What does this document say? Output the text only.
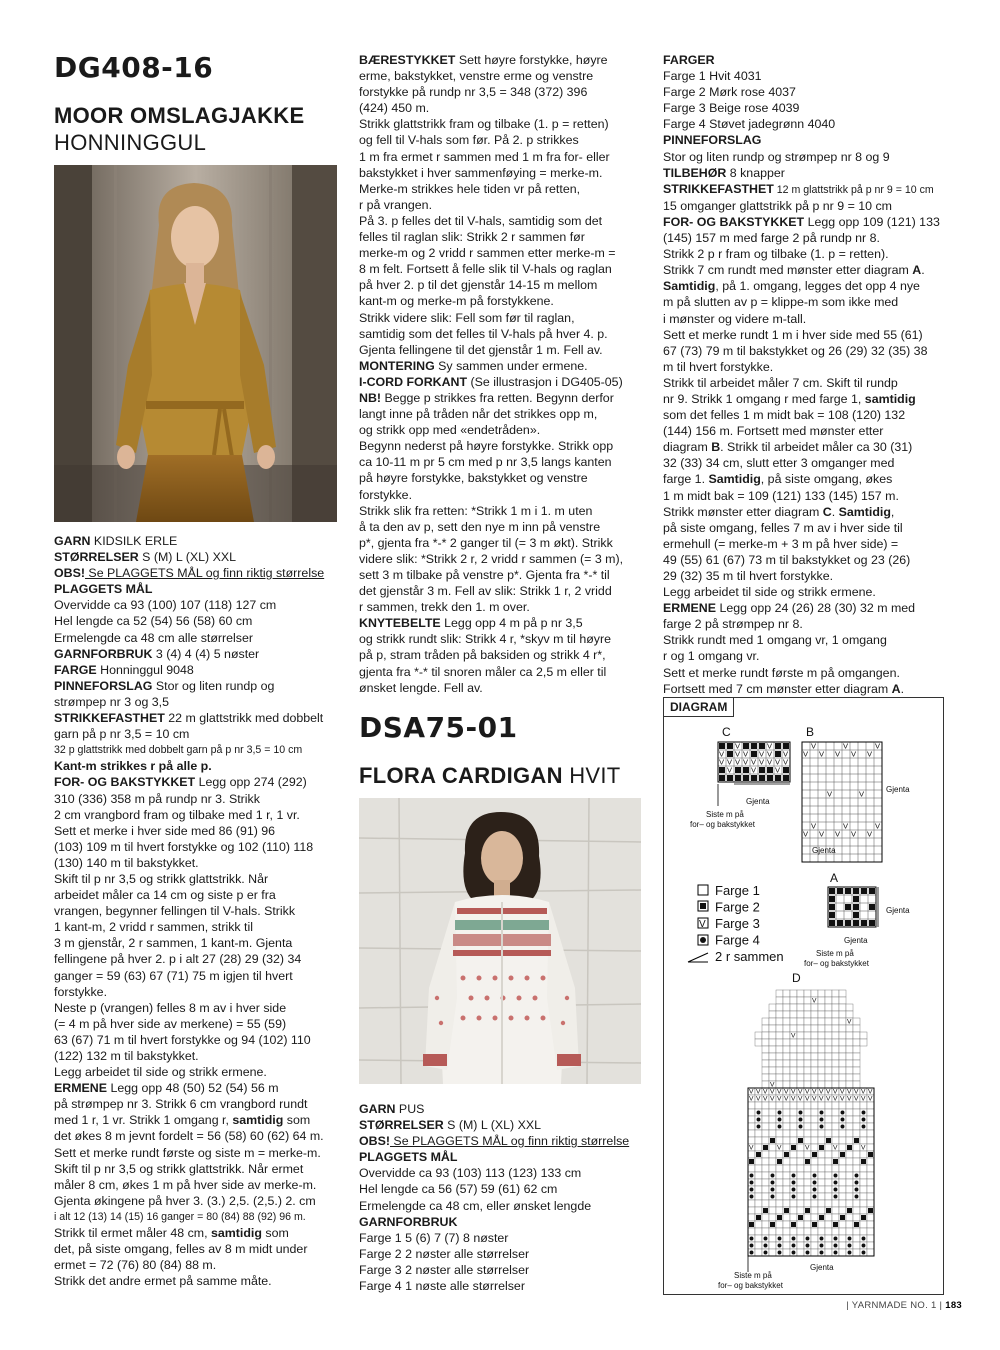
DG408-16
MOOR OMSLAGJAKKE
HONNINGGUL

GARN KIDSILK ERLE

STØRRELSER S (M) L (XL) XXL

OBS! Se PLAGGETS MÅL og finn riktig størrelse

PLAGGETS MÅL

Overvidde ca 93 (100) 107 (118) 127 cm

Hel lengde ca 52 (54) 56 (58) 60 cm

Ermelengde ca 48 cm alle størrelser

GARNFORBRUK 3 (4) 4 (4) 5 nøster

FARGE Honninggul 9048

PINNEFORSLAG Stor og liten rundp og

strømpep nr 3 og 3,5

STRIKKEFASTHET 22 m glattstrikk med dobbelt

garn på p nr 3,5 = 10 cm

32 p glattstrikk med dobbelt garn på p nr 3,5 = 10 cm

Kant-m strikkes r på alle p.

FOR- OG BAKSTYKKET Legg opp 274 (292)

310 (336) 358 m på rundp nr 3. Strikk

2 cm vrangbord fram og tilbake med 1 r, 1 vr.

Sett et merke i hver side med 86 (91) 96

(103) 109 m til hvert forstykke og 102 (110) 118

(130) 140 m til bakstykket.

Skift til p nr 3,5 og strikk glattstrikk. Når

arbeidet måler ca 14 cm og siste p er fra

vrangen, begynner fellingen til V-hals. Strikk

1 kant-m, 2 vridd r sammen, strikk til

3 m gjenstår, 2 r sammen, 1 kant-m. Gjenta

fellingene på hver 2. p i alt 27 (28) 29 (32) 34

ganger = 59 (63) 67 (71) 75 m igjen til hvert

forstykke.

Neste p (vrangen) felles 8 m av i hver side

(= 4 m på hver side av merkene) = 55 (59)

63 (67) 71 m til hvert forstykke og 94 (102) 110

(122) 132 m til bakstykket.

Legg arbeidet til side og strikk ermene.

ERMENE Legg opp 48 (50) 52 (54) 56 m

på strømpep nr 3. Strikk 6 cm vrangbord rundt

med 1 r, 1 vr. Strikk 1 omgang r, samtidig som

det økes 8 m jevnt fordelt = 56 (58) 60 (62) 64 m.

Sett et merke rundt første og siste m = merke-m.

Skift til p nr 3,5 og strikk glattstrikk. Når ermet

måler 8 cm, økes 1 m på hver side av merke-m.

Gjenta økingene på hver 3. (3.) 2,5. (2,5.) 2. cm

i alt 12 (13) 14 (15) 16 ganger = 80 (84) 88 (92) 96 m.

Strikk til ermet måler 48 cm, samtidig som

det, på siste omgang, felles av 8 m midt under

ermet = 72 (76) 80 (84) 88 m.

Strikk det andre ermet på samme måte.

BÆRESTYKKET Sett høyre forstykke, høyre

erme, bakstykket, venstre erme og venstre

forstykke på rundp nr 3,5 = 348 (372) 396

(424) 450 m.

Strikk glattstrikk fram og tilbake (1. p = retten)

og fell til V-hals som før. På 2. p strikkes

1 m fra ermet r sammen med 1 m fra for- eller

bakstykket i hver sammenføying = merke-m.

Merke-m strikkes hele tiden vr på retten,

r på vrangen.

På 3. p felles det til V-hals, samtidig som det

felles til raglan slik: Strikk 2 r sammen før

merke-m og 2 vridd r sammen etter merke-m =

8 m felt. Fortsett å felle slik til V-hals og raglan

på hver 2. p til det gjenstår 14-15 m mellom

kant-m og merke-m på forstykkene.

Strikk videre slik: Fell som før til raglan,

samtidig som det felles til V-hals på hver 4. p.

Gjenta fellingene til det gjenstår 1 m. Fell av.

MONTERING Sy sammen under ermene.

I-CORD FORKANT (Se illustrasjon i DG405-05)

NB! Begge p strikkes fra retten. Begynn derfor

langt inne på tråden når det strikkes opp m,

og strikk opp med «endetråden».

Begynn nederst på høyre forstykke. Strikk opp

ca 10-11 m pr 5 cm med p nr 3,5 langs kanten

på høyre forstykke, bakstykket og venstre

forstykke.

Strikk slik fra retten: *Strikk 1 m i 1. m uten

å ta den av p, sett den nye m inn på venstre

p*, gjenta fra *-* 2 ganger til (= 3 m økt). Strikk

videre slik: *Strikk 2 r, 2 vridd r sammen (= 3 m),

sett 3 m tilbake på venstre p*. Gjenta fra *-* til

det gjenstår 3 m. Fell av slik: Strikk 1 r, 2 vridd

r sammen, trekk den 1. m over.

KNYTEBELTE Legg opp 4 m på p nr 3,5

og strikk rundt slik: Strikk 4 r, *skyv m til høyre

på p, stram tråden på baksiden og strikk 4 r*,

gjenta fra *-* til snoren måler ca 2,5 m eller til

ønsket lengde. Fell av.

DSA75-01
FLORA CARDIGAN HVIT

GARN PUS

STØRRELSER S (M) L (XL) XXL

OBS! Se PLAGGETS MÅL og finn riktig størrelse

PLAGGETS MÅL

Overvidde ca 93 (103) 113 (123) 133 cm

Hel lengde ca 56 (57) 59 (61) 62 cm

Ermelengde ca 48 cm, eller ønsket lengde

GARNFORBRUK

Farge 1 5 (6) 7 (7) 8 nøster

Farge 2 2 nøster alle størrelser

Farge 3 2 nøster alle størrelser

Farge 4 1 nøste alle størrelser

FARGER

Farge 1 Hvit 4031

Farge 2 Mørk rose 4037

Farge 3 Beige rose 4039

Farge 4 Støvet jadegrønn 4040

PINNEFORSLAG

Stor og liten rundp og strømpep nr 8 og 9

TILBEHØR 8 knapper

STRIKKEFASTHET 12 m glattstrikk på p nr 9 = 10 cm

15 omganger glattstrikk på p nr 9 = 10 cm

FOR- OG BAKSTYKKET Legg opp 109 (121) 133

(145) 157 m med farge 2 på rundp nr 8.

Strikk 2 p r fram og tilbake (1. p = retten).

Strikk 7 cm rundt med mønster etter diagram A.

Samtidig, på 1. omgang, legges det opp 4 nye

m på slutten av p = klippe-m som ikke med

i mønster og videre m-tall.

Sett et merke rundt 1 m i hver side med 55 (61)

67 (73) 79 m til bakstykket og 26 (29) 32 (35) 38

m til hvert forstykke.

Strikk til arbeidet måler 7 cm. Skift til rundp

nr 9. Strikk 1 omgang r med farge 1, samtidig

som det felles 1 m midt bak = 108 (120) 132

(144) 156 m. Fortsett med mønster etter

diagram B. Strikk til arbeidet måler ca 30 (31)

32 (33) 34 cm, slutt etter 3 omganger med

farge 1. Samtidig, på siste omgang, økes

1 m midt bak = 109 (121) 133 (145) 157 m.

Strikk mønster etter diagram C. Samtidig,

på siste omgang, felles 7 m av i hver side til

ermehull (= merke-m + 3 m på hver side) =

49 (55) 61 (67) 73 m til bakstykket og 23 (26)

29 (32) 35 m til hvert forstykke.

Legg arbeidet til side og strikk ermene.

ERMENE Legg opp 24 (26) 28 (30) 32 m med

farge 2 på strømpep nr 8.

Strikk rundt med 1 omgang vr, 1 omgang

r og 1 omgang vr.

Sett et merke rundt første m på omgangen.

Fortsett med 7 cm mønster etter diagram A.

DIAGRAM
C
V	V
V V V V V V
V V V V V V V V V
V V V
Gjenta
Siste m på
for– og bakstykket
B
V	V	V
V V V V V
V	V
V	V	V
V V V V V
Gjenta
Gjenta
V
Farge 1
Farge 2
Farge 3
Farge 4
2 r sammen
A
Gjenta
Gjenta
Siste m på
for– og bakstykket
D
V V V V V V V V V V V V V V V V V V
V V V V V V V V V V V V V V V V V V
V	V	V	V	V
V
V
V
V
Gjenta
Siste m på
for– og bakstykket
| YARNMADE NO. 1 | 183
